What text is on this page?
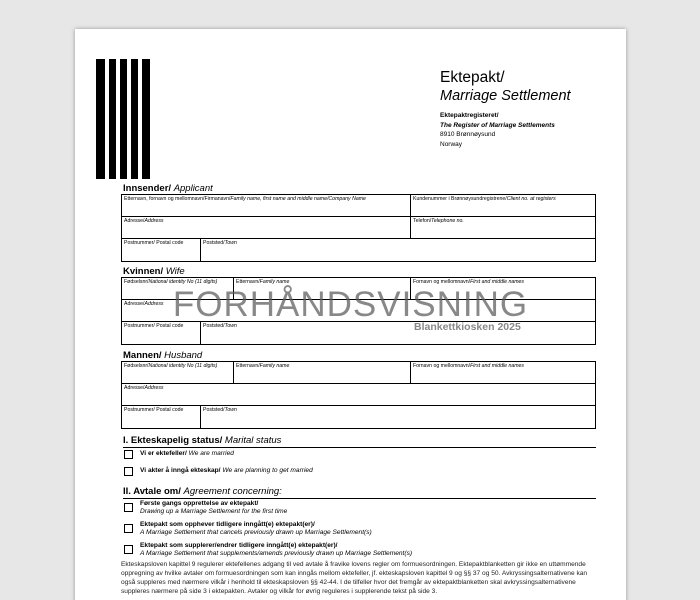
Ektepakt/
Marriage Settlement
Ektepaktregisteret/
The Register of Marriage Settlements
8910 Brønnøysund
Norway
Innsender/ Applicant
Etternavn, fornavn og mellomnavn/Firmanavn/Family name, first name and middle name/Company Name	Kundenummer i Brønnøysundregistrene/Client no. at registers
Adresse/Address	Telefon/Telephone no.
Postnummer/ Postal code	Poststed/Town
Kvinnen/ Wife
Fødselsnr/National identity No (11 digits)	Etternavn/Family name	Fornavn og mellomnavn/First and middle names
Adresse/Address
Postnummer/ Postal code	Poststed/Town
Mannen/ Husband
Fødselsnr/National identity No (11 digits)	Etternavn/Family name	Fornavn og mellomnavn/First and middle names
Adresse/Address
Postnummer/ Postal code	Poststed/Town
I. Ekteskapelig status/ Marital status
Vi er ektefeller/ We are married
Vi akter å inngå ekteskap/ We are planning to get married
II. Avtale om/ Agreement concerning:
Første gangs opprettelse av ektepakt/
Drawing up a Marriage Settlement for the first time
Ektepakt som opphever tidligere inngått(e) ektepakt(er)/
A Marriage Settlement that cancels previously drawn up Marriage Settlement(s)
Ektepakt som supplerer/endrer tidligere inngått(e) ektepakt(er)/
A Marriage Settlement that supplements/amends previously drawn up Marriage Settlement(s)
Ekteskapsloven kapittel 9 regulerer ektefellenes adgang til ved avtale å fravike lovens regler om formuesordningen. Ektepaktblanketten gir ikke en uttømmende oppregning av hvilke avtaler om formuesordningen som kan inngås mellom ektefeller, jf. ekteskapsloven kapittel 9 og §§ 37 og 50. Avkryssingsalternativene kan også suppleres med nærmere vilkår i henhold til ekteskapsloven §§ 42-44. I de tilfeller hvor det fremgår av ektepaktblanketten skal avkryssingsalternativene suppleres nærmere på side 3 i ektepakten. Avtaler og vilkår for øvrig reguleres i supplerende tekst på side 3.
FORHÅNDSVISNING
Blankettkiosken 2025
